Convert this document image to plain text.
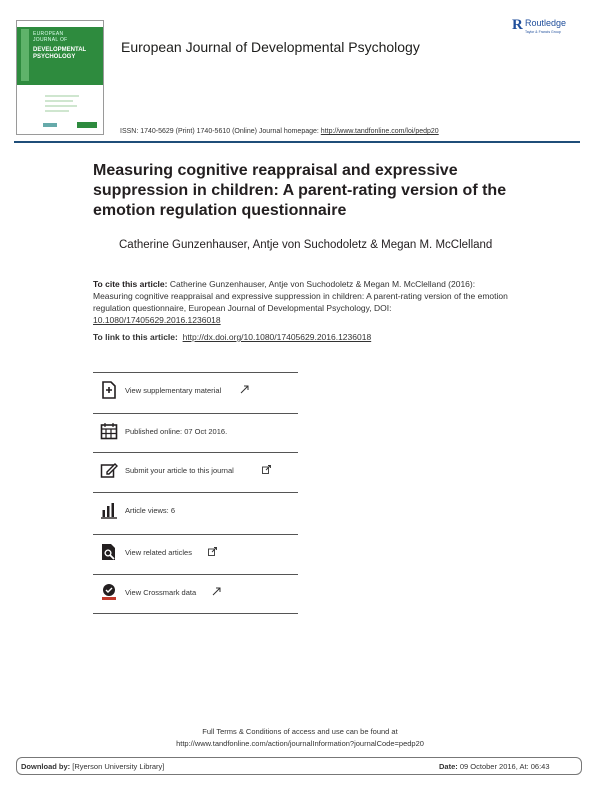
EUROPEAN
JOURNAL OF
DEVELOPMENTAL
PSYCHOLOGY
European Journal of Developmental Psychology
R Routledge
Taylor & Francis Group
ISSN: 1740-5629 (Print) 1740-5610 (Online) Journal homepage: http://www.tandfonline.com/loi/pedp20
Measuring cognitive reappraisal and expressive suppression in children: A parent-rating version of the emotion regulation questionnaire
Catherine Gunzenhauser, Antje von Suchodoletz & Megan M. McClelland
To cite this article: Catherine Gunzenhauser, Antje von Suchodoletz & Megan M. McClelland (2016): Measuring cognitive reappraisal and expressive suppression in children: A parent-rating version of the emotion regulation questionnaire, European Journal of Developmental Psychology, DOI: 10.1080/17405629.2016.1236018
To link to this article: http://dx.doi.org/10.1080/17405629.2016.1236018
View supplementary material
Published online: 07 Oct 2016.
Submit your article to this journal
Article views: 6
View related articles
View Crossmark data
Full Terms & Conditions of access and use can be found at
http://www.tandfonline.com/action/journalInformation?journalCode=pedp20
Download by: [Ryerson University Library]	Date: 09 October 2016, At: 06:43
